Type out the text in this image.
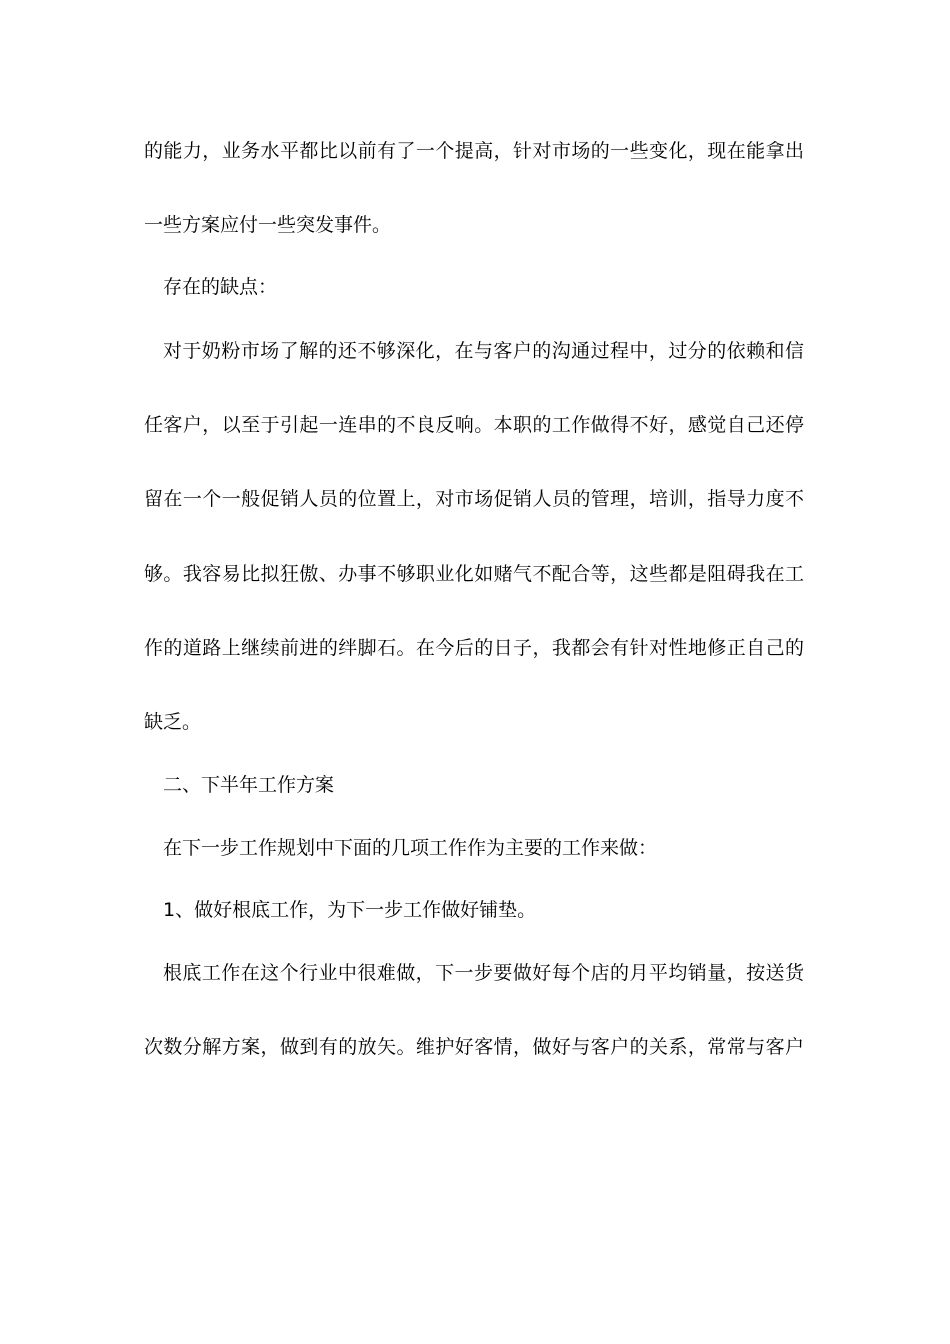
的能力，业务水平都比以前有了一个提高，针对市场的一些变化，现在能拿出
一些方案应付一些突发事件。
存在的缺点：
对于奶粉市场了解的还不够深化，在与客户的沟通过程中，过分的依赖和信
任客户，以至于引起一连串的不良反响。本职的工作做得不好，感觉自己还停
留在一个一般促销人员的位置上，对市场促销人员的管理，培训，指导力度不
够。我容易比拟狂傲、办事不够职业化如赌气不配合等，这些都是阻碍我在工
作的道路上继续前进的绊脚石。在今后的日子，我都会有针对性地修正自己的
缺乏。
二、下半年工作方案
在下一步工作规划中下面的几项工作作为主要的工作来做：
1、做好根底工作，为下一步工作做好铺垫。
根底工作在这个行业中很难做，下一步要做好每个店的月平均销量，按送货
次数分解方案，做到有的放矢。维护好客情，做好与客户的关系，常常与客户
